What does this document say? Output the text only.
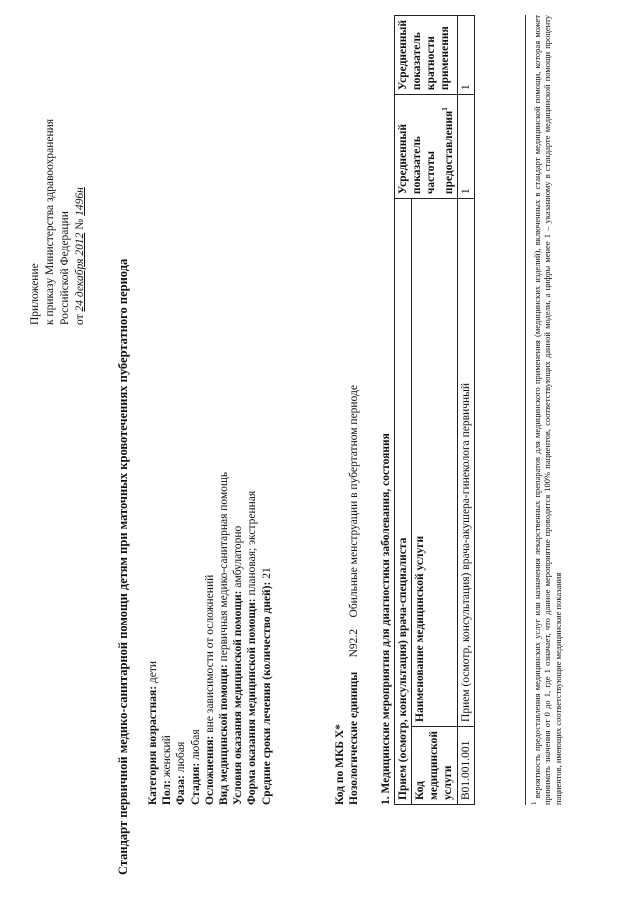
Приложение к приказу Министерства здравоохранения Российской Федерации от 24 декабря 2012 № 1496н
Стандарт первичной медико-санитарной помощи детям при маточных кровотечениях пубертатного периода Категория возрастная: дети
Пол: женский
Фаза: любая
Стадия: любая Осложнения: вне зависимости от осложнений
Вид медицинской помощи: первичная медико-санитарная помощь
Условия оказания медицинской помощи: амбулаторно
Форма оказания медицинской помощи: плановая; экстренная
Средние сроки лечения (количество дней): 21
Код по МКБ X* Нозологические единицы     N92.2    Обильные менструации в пубертатном периоде 1. Медицинские мероприятия для диагностики заболевания, состояния Прием (осмотр, консультация) врача-специалиста		Усредненный показатель частоты предоставления$^1$	Усредненный показатель кратности применения
Код медицинской услуги	Наименование медицинской услуги		
B01.001.001	Прием (осмотр, консультация) врача-акушера-гинеколога первичный	1	1
$^1$ вероятность предоставления медицинских услуг или назначения лекарственных препаратов для медицинского применения (медицинских изделий), включенных в стандарт медицинской помощи, которая может принимать значения от 0 до 1, где 1 означает, что данное мероприятие проводится 100% пациентов, соответствующих данной модели, а цифры менее 1 – указанному в стандарте медицинской помощи проценту пациентов, имеющих соответствующие медицинские показания
